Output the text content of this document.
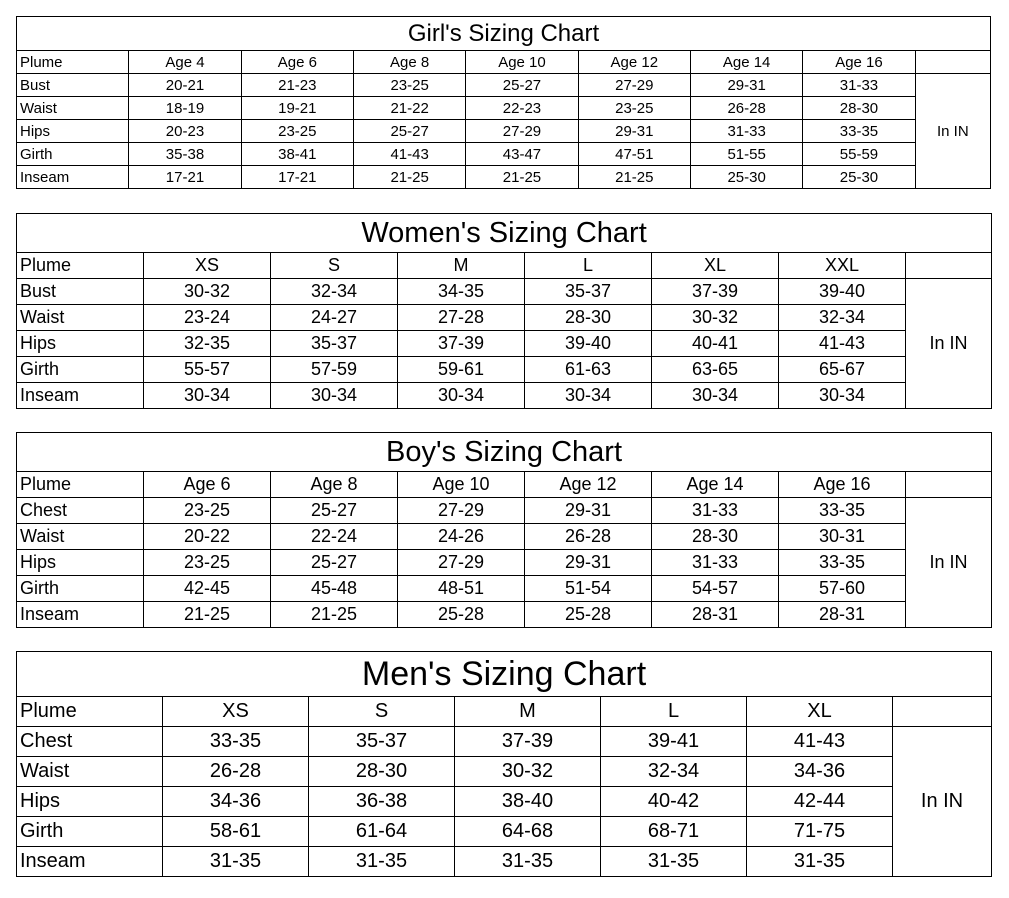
Girl's Sizing Chart								
Plume	Age 4	Age 6	Age 8	Age 10	Age 12	Age 14	Age 16	
Bust	20-21	21-23	23-25	25-27	27-29	29-31	31-33	In IN
Waist	18-19	19-21	21-22	22-23	23-25	26-28	28-30	
Hips	20-23	23-25	25-27	27-29	29-31	31-33	33-35	
Girth	35-38	38-41	41-43	43-47	47-51	51-55	55-59	
Inseam	17-21	17-21	21-25	21-25	21-25	25-30	25-30	
Women's Sizing Chart							
Plume	XS	S	M	L	XL	XXL	
Bust	30-32	32-34	34-35	35-37	37-39	39-40	In IN
Waist	23-24	24-27	27-28	28-30	30-32	32-34	
Hips	32-35	35-37	37-39	39-40	40-41	41-43	
Girth	55-57	57-59	59-61	61-63	63-65	65-67	
Inseam	30-34	30-34	30-34	30-34	30-34	30-34	
Boy's Sizing Chart							
Plume	Age 6	Age 8	Age 10	Age 12	Age 14	Age 16	
Chest	23-25	25-27	27-29	29-31	31-33	33-35	In IN
Waist	20-22	22-24	24-26	26-28	28-30	30-31	
Hips	23-25	25-27	27-29	29-31	31-33	33-35	
Girth	42-45	45-48	48-51	51-54	54-57	57-60	
Inseam	21-25	21-25	25-28	25-28	28-31	28-31	
Men's Sizing Chart						
Plume	XS	S	M	L	XL	
Chest	33-35	35-37	37-39	39-41	41-43	In IN
Waist	26-28	28-30	30-32	32-34	34-36	
Hips	34-36	36-38	38-40	40-42	42-44	
Girth	58-61	61-64	64-68	68-71	71-75	
Inseam	31-35	31-35	31-35	31-35	31-35	
